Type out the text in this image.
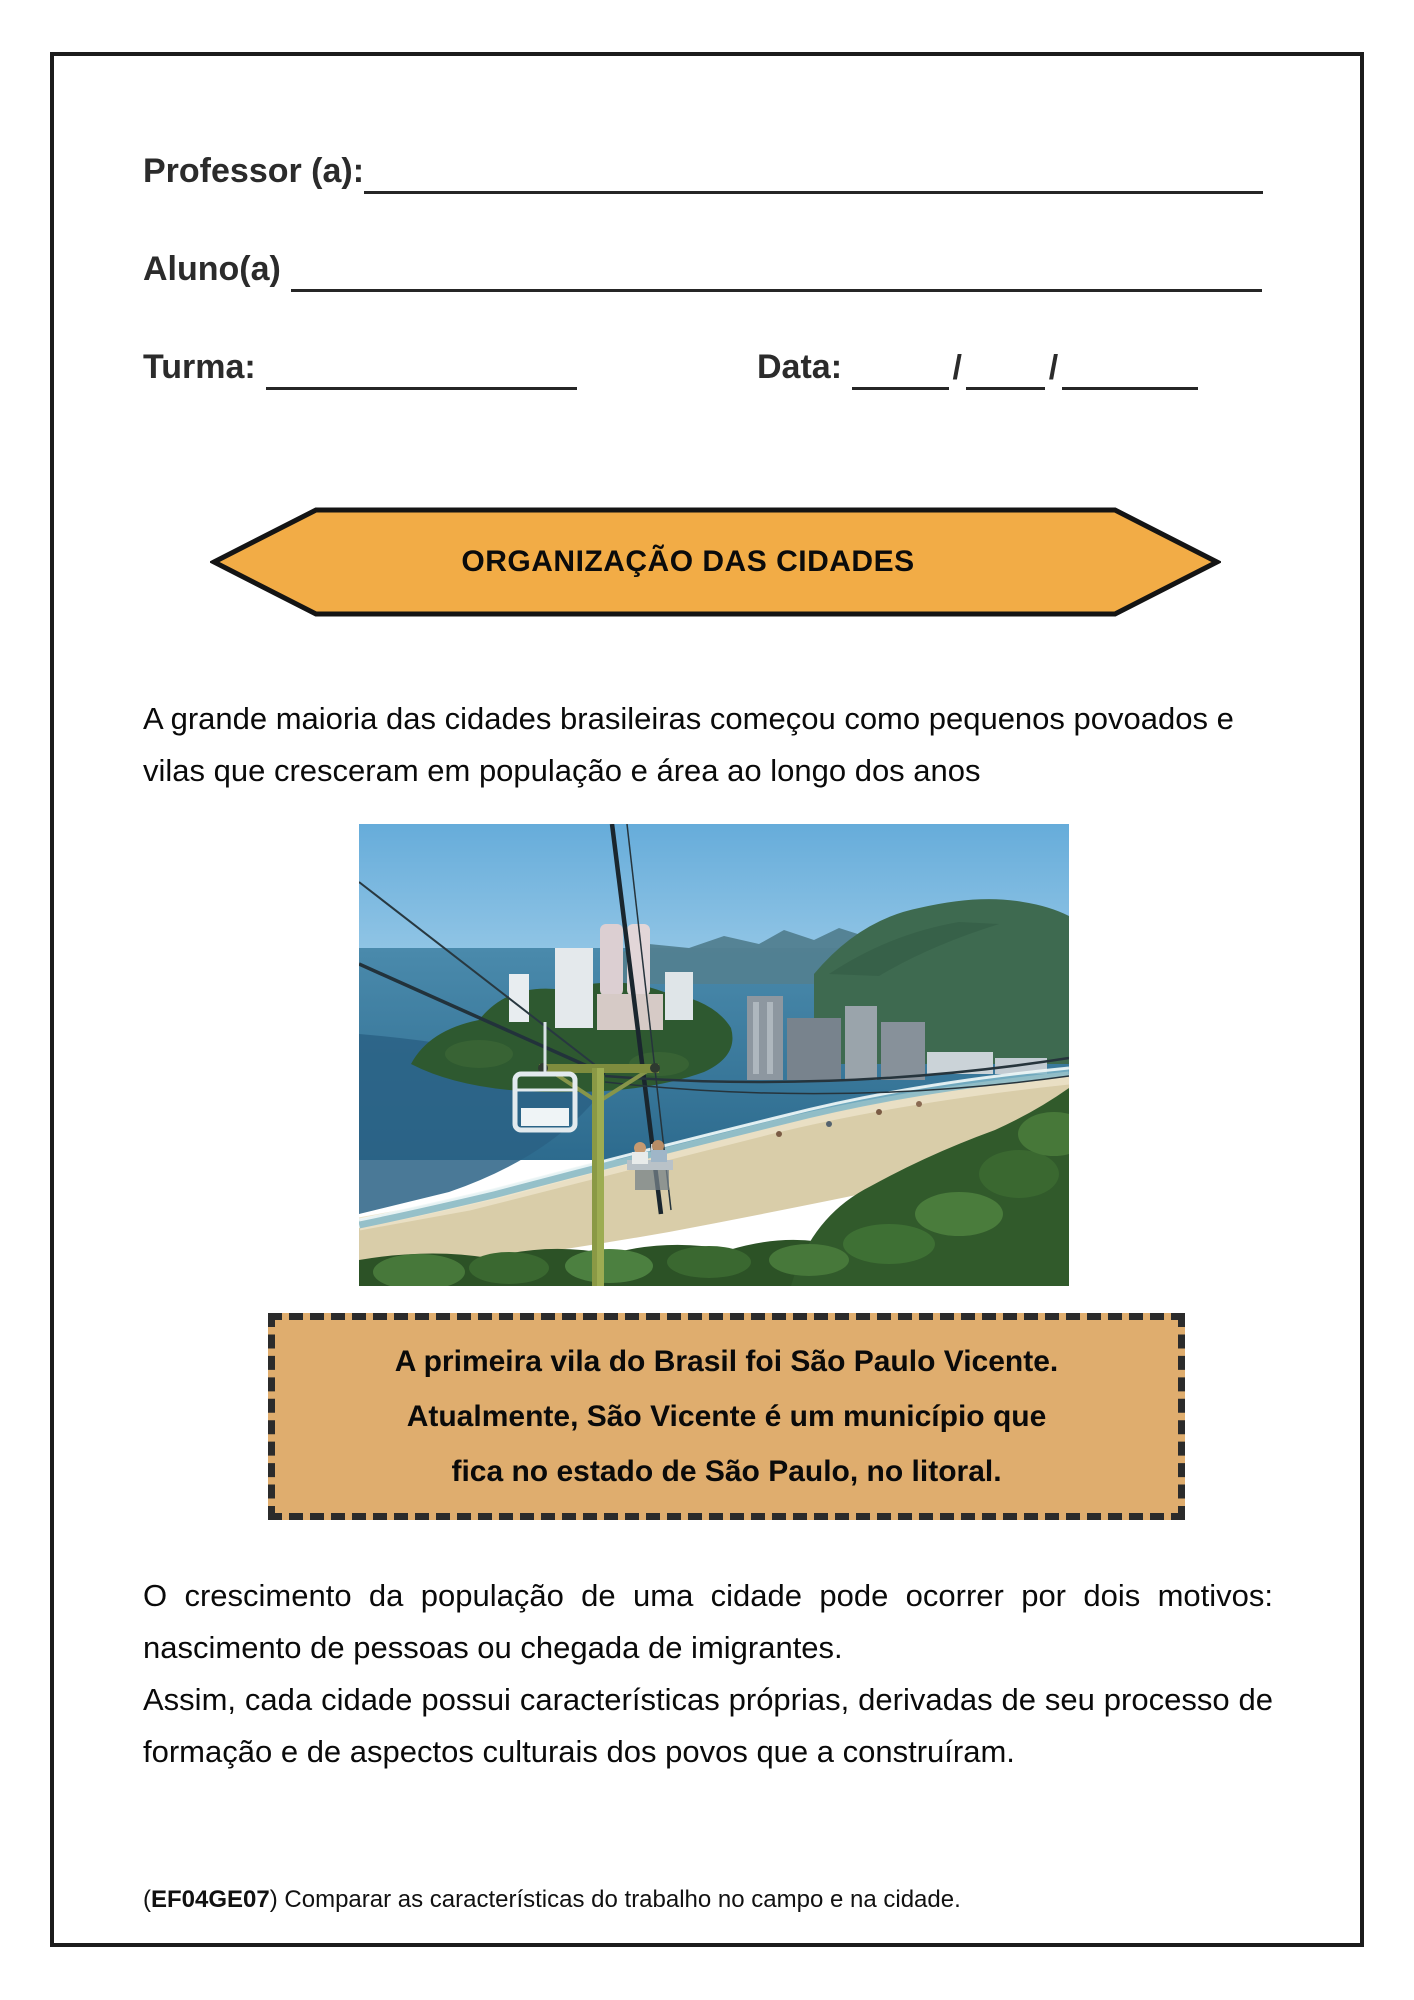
Professor (a):
Aluno(a)
Turma:	Data:	/	/
ORGANIZAÇÃO DAS CIDADES
A grande maioria das cidades brasileiras começou como pequenos povoados e vilas que cresceram em população e área ao longo dos anos
A primeira vila do Brasil foi São Paulo Vicente.
Atualmente, São Vicente é um município que
fica no estado de São Paulo, no litoral.

O crescimento da população de uma cidade pode ocorrer por dois motivos: nascimento de pessoas ou chegada de imigrantes.

Assim, cada cidade possui características próprias, derivadas de seu processo de formação e de aspectos culturais dos povos que a construíram.

(EF04GE07) Comparar as características do trabalho no campo e na cidade.
